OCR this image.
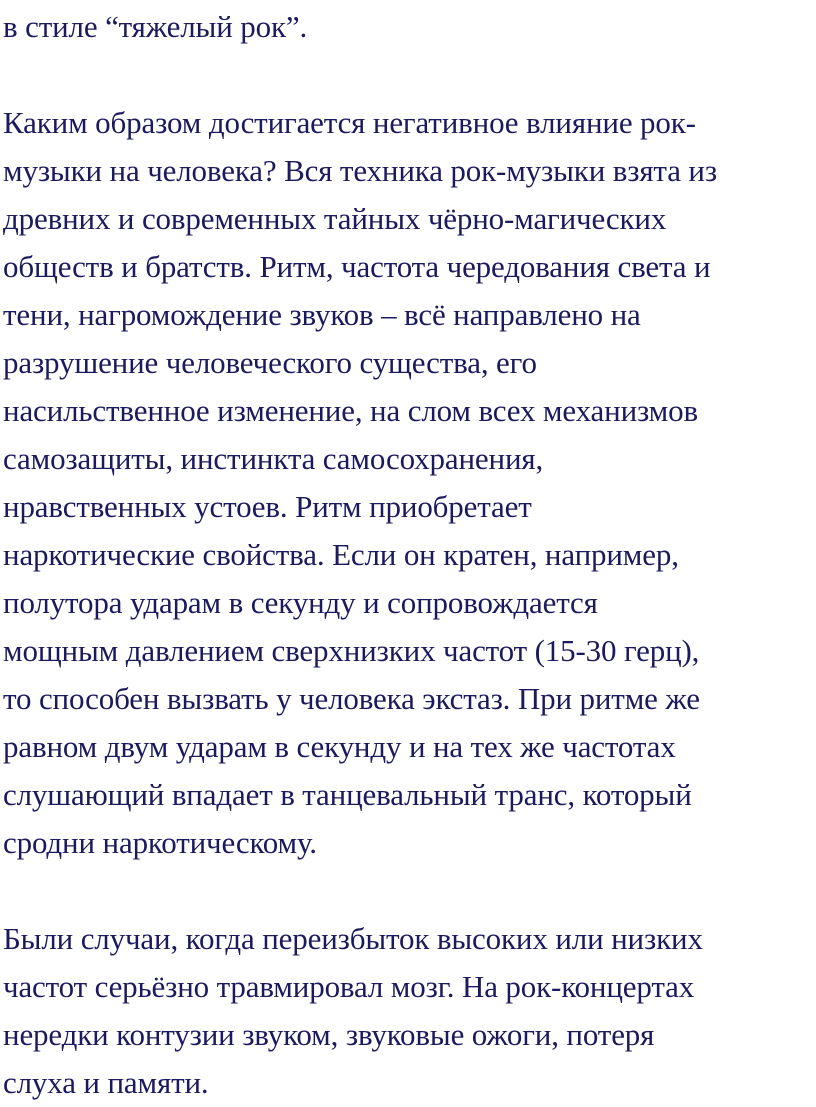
в стиле “тяжелый рок”.
Каким образом достигается негативное влияние рок-
музыки на человека? Вся техника рок-музыки взята из
древних и современных тайных чёрно-магических
обществ и братств. Ритм, частота чередования света и
тени, нагромождение звуков – всё направлено на
разрушение человеческого существа, его
насильственное изменение, на слом всех механизмов
самозащиты, инстинкта самосохранения,
нравственных устоев. Ритм приобретает
наркотические свойства. Если он кратен, например,
полутора ударам в секунду и сопровождается
мощным давлением сверхнизких частот (15-30 герц),
то способен вызвать у человека экстаз. При ритме же
равном двум ударам в секунду и на тех же частотах
слушающий впадает в танцевальный транс, который
сродни наркотическому.
Были случаи, когда переизбыток высоких или низких
частот серьёзно травмировал мозг. На рок-концертах
нередки контузии звуком, звуковые ожоги, потеря
слуха и памяти.
